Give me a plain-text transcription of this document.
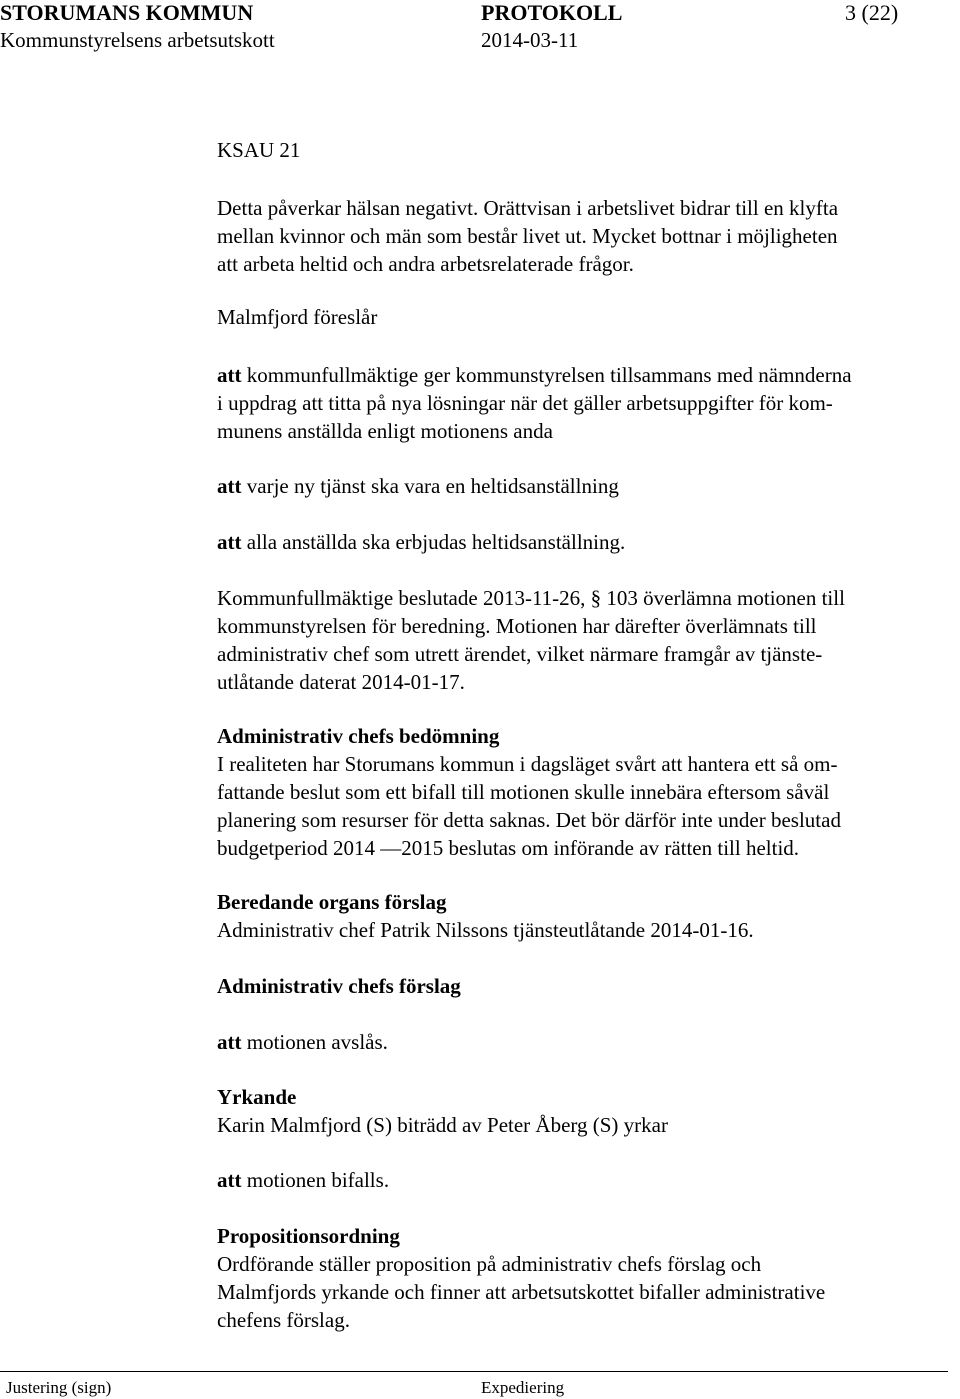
STORUMANS KOMMUN	PROTOKOLL	3 (22)
Kommunstyrelsens arbetsutskott	2014-03-11
KSAU 21
Detta påverkar hälsan negativt. Orättvisan i arbetslivet bidrar till en klyfta
mellan kvinnor och män som består livet ut. Mycket bottnar i möjligheten
att arbeta heltid och andra arbetsrelaterade frågor.
Malmfjord föreslår
att kommunfullmäktige ger kommunstyrelsen tillsammans med nämnderna
i uppdrag att titta på nya lösningar när det gäller arbetsuppgifter för kom-
munens anställda enligt motionens anda
att varje ny tjänst ska vara en heltidsanställning
att alla anställda ska erbjudas heltidsanställning.
Kommunfullmäktige beslutade 2013-11-26, § 103 överlämna motionen till
kommunstyrelsen för beredning. Motionen har därefter överlämnats till
administrativ chef som utrett ärendet, vilket närmare framgår av tjänste-
utlåtande daterat 2014-01-17.
Administrativ chefs bedömning
I realiteten har Storumans kommun i dagsläget svårt att hantera ett så om-
fattande beslut som ett bifall till motionen skulle innebära eftersom såväl
planering som resurser för detta saknas. Det bör därför inte under beslutad
budgetperiod 2014 —2015 beslutas om införande av rätten till heltid.
Beredande organs förslag
Administrativ chef Patrik Nilssons tjänsteutlåtande 2014-01-16.
Administrativ chefs förslag
att motionen avslås.
Yrkande
Karin Malmfjord (S) biträdd av Peter Åberg (S) yrkar
att motionen bifalls.
Propositionsordning
Ordförande ställer proposition på administrativ chefs förslag och
Malmfjords yrkande och finner att arbetsutskottet bifaller administrative
chefens förslag.
Justering (sign)	Expediering
